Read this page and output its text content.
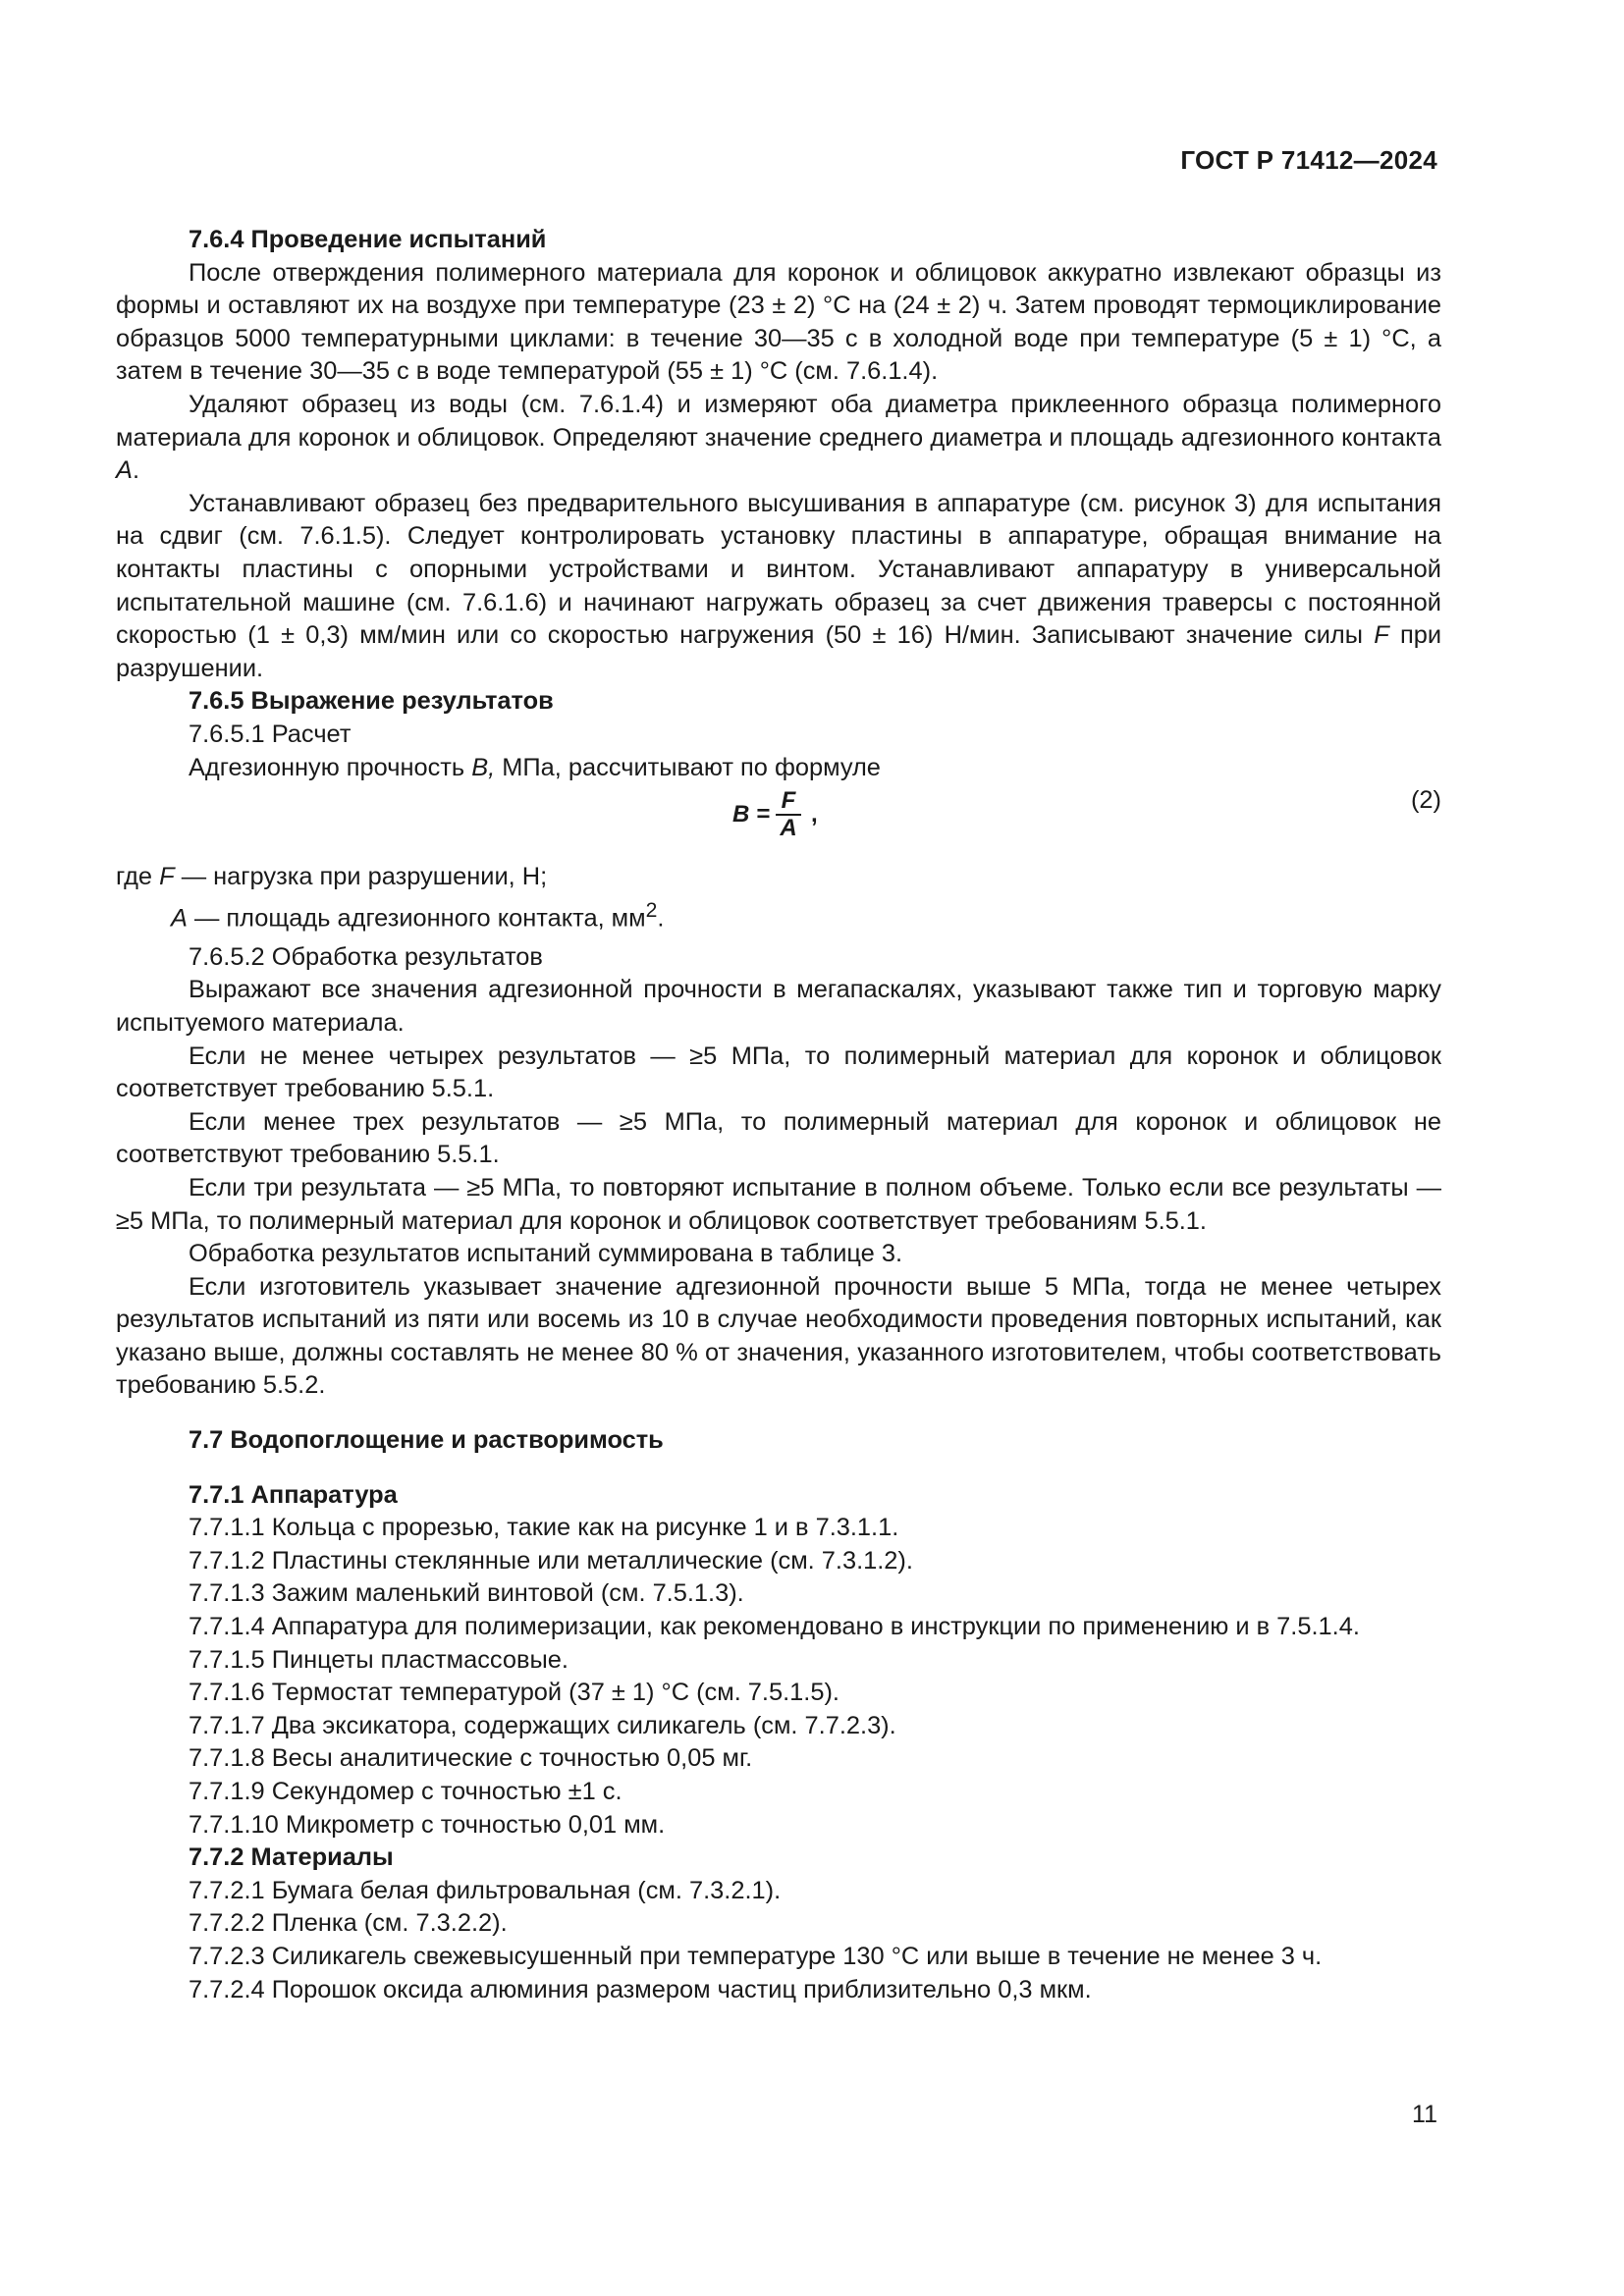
ГОСТ Р 71412—2024

7.6.4 Проведение испытаний

После отверждения полимерного материала для коронок и облицовок аккуратно извлекают образцы из формы и оставляют их на воздухе при температуре (23 ± 2) °С на (24 ± 2) ч. Затем проводят термоциклирование образцов 5000 температурными циклами: в течение 30—35 с в холодной воде при температуре (5 ± 1) °С, а затем в течение 30—35 с в воде температурой (55 ± 1) °С (см. 7.6.1.4).

Удаляют образец из воды (см. 7.6.1.4) и измеряют оба диаметра приклеенного образца полимерного материала для коронок и облицовок. Определяют значение среднего диаметра и площадь адгезионного контакта А.

Устанавливают образец без предварительного высушивания в аппаратуре (см. рисунок 3) для испытания на сдвиг (см. 7.6.1.5). Следует контролировать установку пластины в аппаратуре, обращая внимание на контакты пластины с опорными устройствами и винтом. Устанавливают аппаратуру в универсальной испытательной машине (см. 7.6.1.6) и начинают нагружать образец за счет движения траверсы с постоянной скоростью (1 ± 0,3) мм/мин или со скоростью нагружения (50 ± 16) Н/мин. Записывают значение силы F при разрушении.

7.6.5 Выражение результатов

7.6.5.1 Расчет

Адгезионную прочность В, МПа, рассчитывают по формуле

$B = \frac{F}{A}$ ,
(2)

где F — нагрузка при разрушении, Н;

А — площадь адгезионного контакта, $мм^2$.

7.6.5.2 Обработка результатов

Выражают все значения адгезионной прочности в мегапаскалях, указывают также тип и торговую марку испытуемого материала.

Если не менее четырех результатов — ≥5 МПа, то полимерный материал для коронок и облицовок соответствует требованию 5.5.1.

Если менее трех результатов — ≥5 МПа, то полимерный материал для коронок и облицовок не соответствуют требованию 5.5.1.

Если три результата — ≥5 МПа, то повторяют испытание в полном объеме. Только если все результаты — ≥5 МПа, то полимерный материал для коронок и облицовок соответствует требованиям 5.5.1.

Обработка результатов испытаний суммирована в таблице 3.

Если изготовитель указывает значение адгезионной прочности выше 5 МПа, тогда не менее четырех результатов испытаний из пяти или восемь из 10 в случае необходимости проведения повторных испытаний, как указано выше, должны составлять не менее 80 % от значения, указанного изготовителем, чтобы соответствовать требованию 5.5.2.

7.7 Водопоглощение и растворимость

7.7.1 Аппаратура

7.7.1.1 Кольца с прорезью, такие как на рисунке 1 и в 7.3.1.1.

7.7.1.2 Пластины стеклянные или металлические (см. 7.3.1.2).

7.7.1.3 Зажим маленький винтовой (см. 7.5.1.3).

7.7.1.4 Аппаратура для полимеризации, как рекомендовано в инструкции по применению и в 7.5.1.4.

7.7.1.5 Пинцеты пластмассовые.

7.7.1.6 Термостат температурой (37 ± 1) °С (см. 7.5.1.5).

7.7.1.7 Два эксикатора, содержащих силикагель (см. 7.7.2.3).

7.7.1.8 Весы аналитические с точностью 0,05 мг.

7.7.1.9 Секундомер с точностью ±1 с.

7.7.1.10 Микрометр с точностью 0,01 мм.

7.7.2 Материалы

7.7.2.1 Бумага белая фильтровальная (см. 7.3.2.1).

7.7.2.2 Пленка (см. 7.3.2.2).

7.7.2.3 Силикагель свежевысушенный при температуре 130 °С или выше в течение не менее 3 ч.

7.7.2.4 Порошок оксида алюминия размером частиц приблизительно 0,3 мкм.

11
